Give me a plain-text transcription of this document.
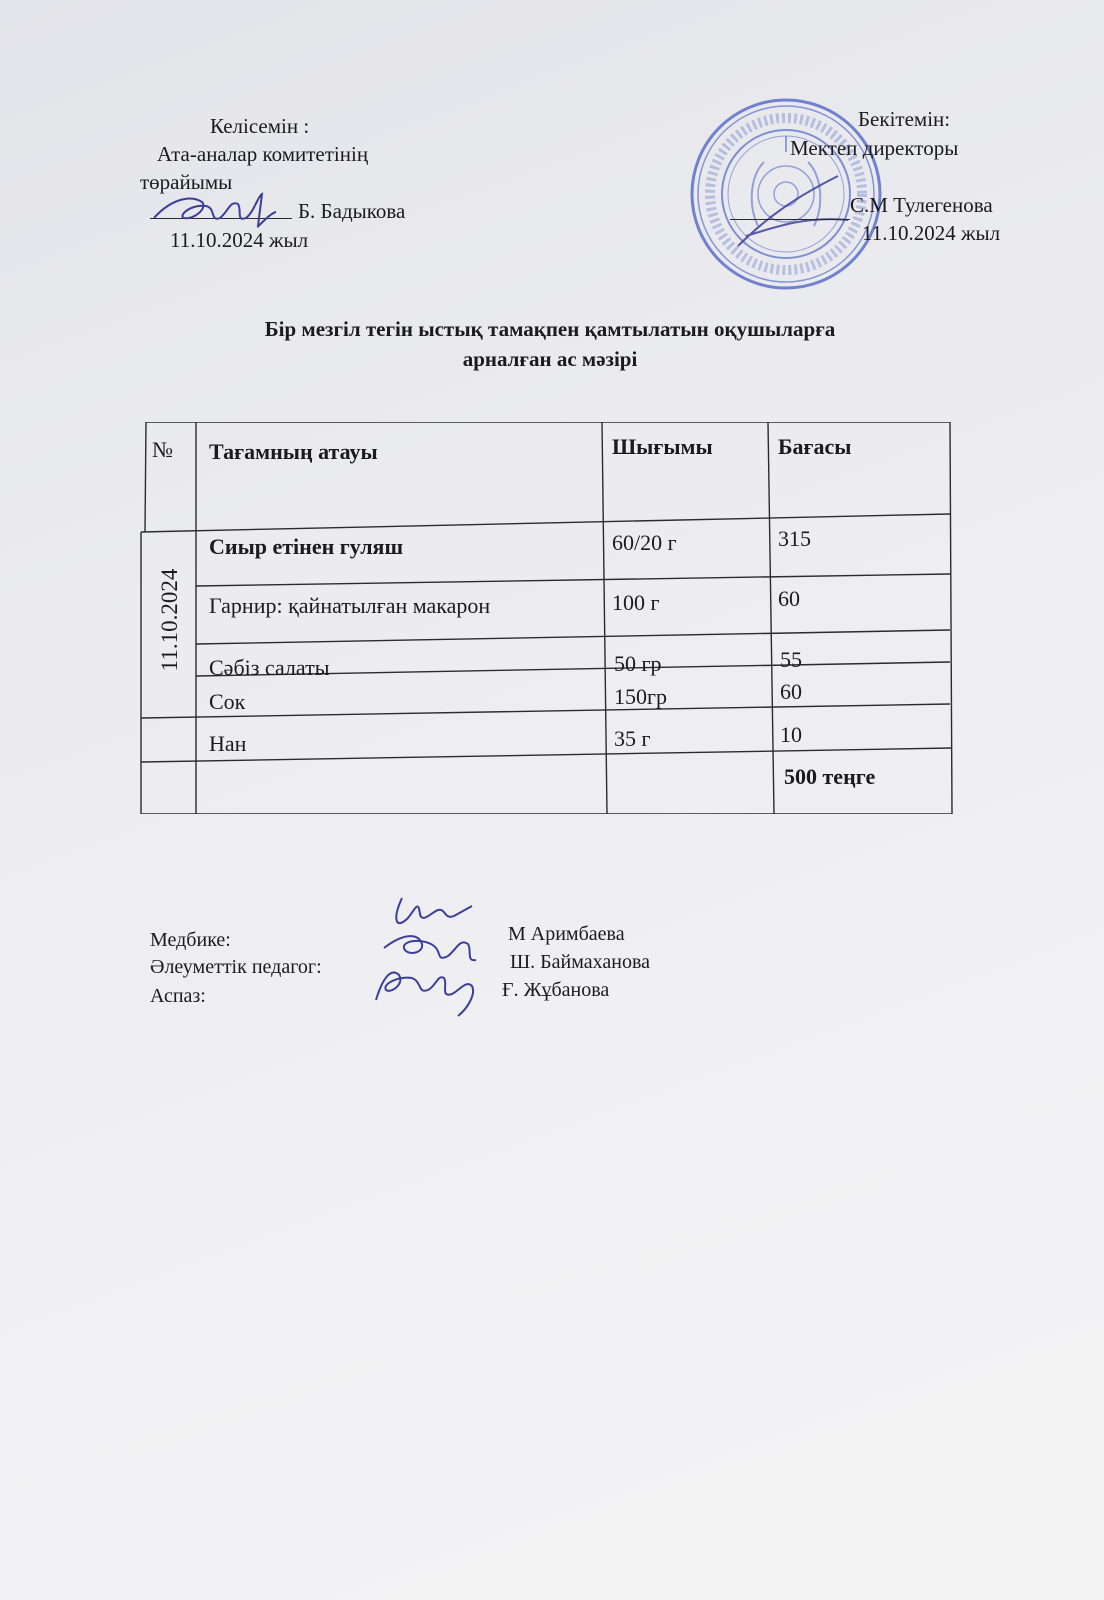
Келісемін :
Ата-аналар комитетінің
төрайымы
Б. Бадыкова
11.10.2024 жыл
Бекітемін:
Мектеп директоры
С.М Тулегенова
11.10.2024 жыл
Бір мезгіл тегін ыстық тамақпен қамтылатын оқушыларға
арналған ас мәзірі
№ Тағамның атауы	Шығымы	Бағасы
11.10.2024
Сиыр етінен гуляш	60/20 г	315
Гарнир: қайнатылған макарон	100 г	60
Сәбіз салаты	50 гр	55
Сок	150гр	60
Нан	35 г	10
500 теңге
Медбике:	М Аримбаева
Әлеуметтік педагог:	Ш. Баймаханова
Аспаз:	Ғ. Жұбанова
